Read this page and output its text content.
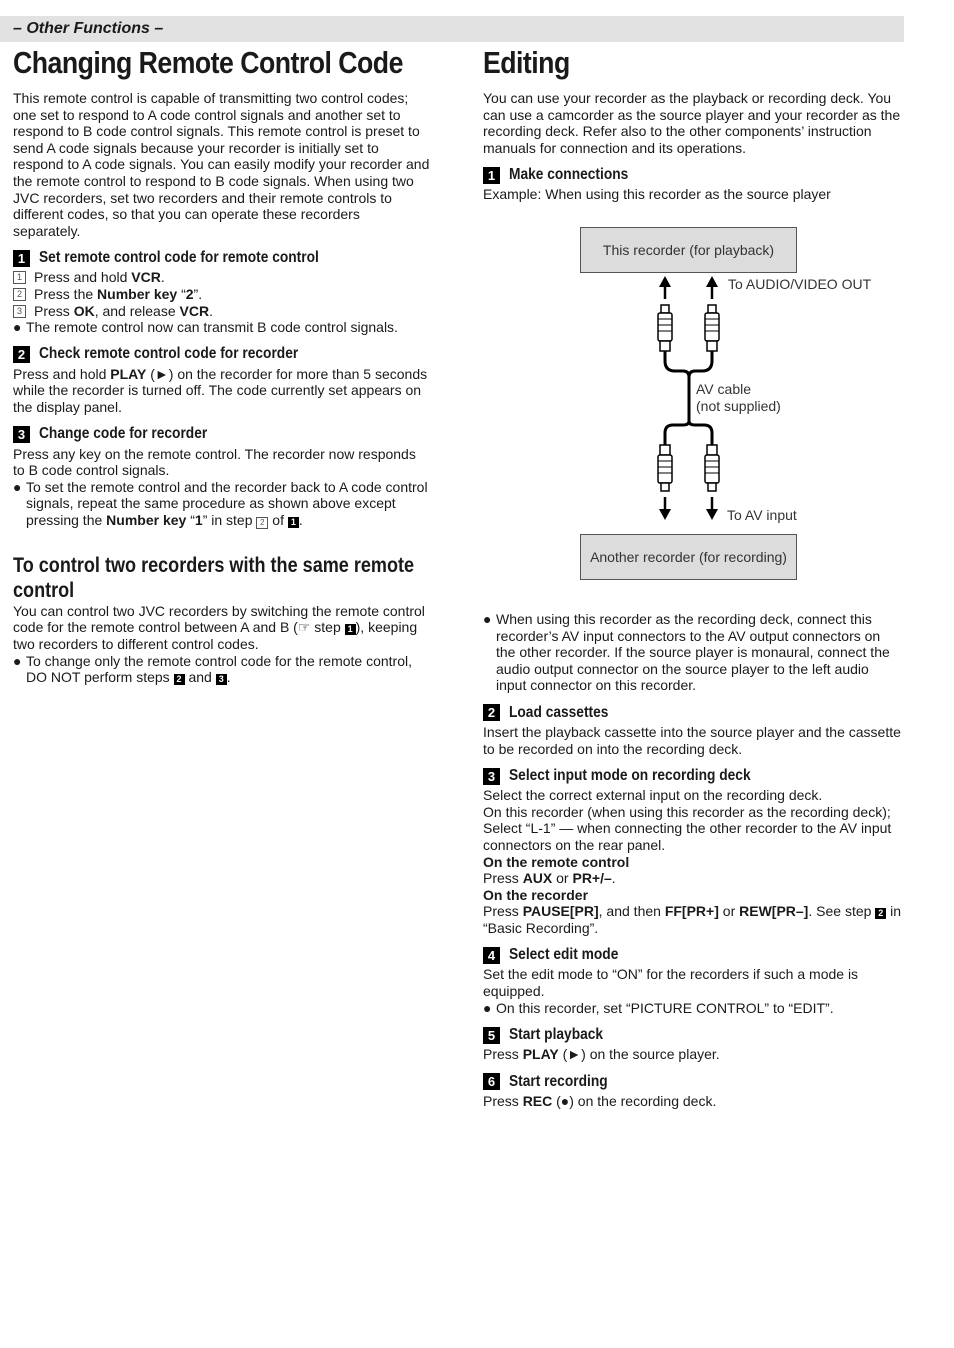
– Other Functions –
Changing Remote Control Code

This remote control is capable of transmitting two control codes; one set to respond to A code control signals and another set to respond to B code control signals. This remote control is preset to send A code signals because your recorder is initially set to respond to A code signals. You can easily modify your recorder and the remote control to respond to B code signals. When using two JVC recorders, set two recorders and their remote controls to different codes, so that you can operate these recorders separately.

1 Set remote control code for remote control
1 Press and hold VCR.
2 Press the Number key “2”.
3 Press OK, and release VCR.
● The remote control now can transmit B code control signals.
2 Check remote control code for recorder

Press and hold PLAY (►) on the recorder for more than 5 seconds while the recorder is turned off. The code currently set appears on the display panel.

3 Change code for recorder

Press any key on the remote control. The recorder now responds to B code control signals.

● To set the remote control and the recorder back to A code control signals, repeat the same procedure as shown above except pressing the Number key “1” in step 2 of 1 .
To control two recorders with the same remote
control

You can control two JVC recorders by switching the remote control code for the remote control between A and B (☞ step 1 ), keeping two recorders to different control codes.

● To change only the remote control code for the remote control, DO NOT perform steps 2 and 3 .
Editing

You can use your recorder as the playback or recording deck. You can use a camcorder as the source player and your recorder as the recording deck. Refer also to the other components’ instruction manuals for connection and its operations.

1 Make connections

Example: When using this recorder as the source player

This recorder (for playback)
To AUDIO/VIDEO OUT
AV cable
(not supplied)
To AV input
Another recorder (for recording)
● When using this recorder as the recording deck, connect this recorder’s AV input connectors to the AV output connectors on the other recorder. If the source player is monaural, connect the audio output connector on the source player to the left audio input connector on this recorder.
2 Load cassettes

Insert the playback cassette into the source player and the cassette to be recorded on into the recording deck.

3 Select input mode on recording deck

Select the correct external input on the recording deck.

On this recorder (when using this recorder as the recording deck); Select “L-1” — when connecting the other recorder to the AV input connectors on the rear panel.

On the remote control

Press AUX or PR+/–.

On the recorder

Press PAUSE[PR], and then FF[PR+] or REW[PR–]. See step 2 in “Basic Recording”.

4 Select edit mode

Set the edit mode to “ON” for the recorders if such a mode is equipped.

● On this recorder, set “PICTURE CONTROL” to “EDIT”.
5 Start playback

Press PLAY (►) on the source player.

6 Start recording

Press REC (●) on the recording deck.
